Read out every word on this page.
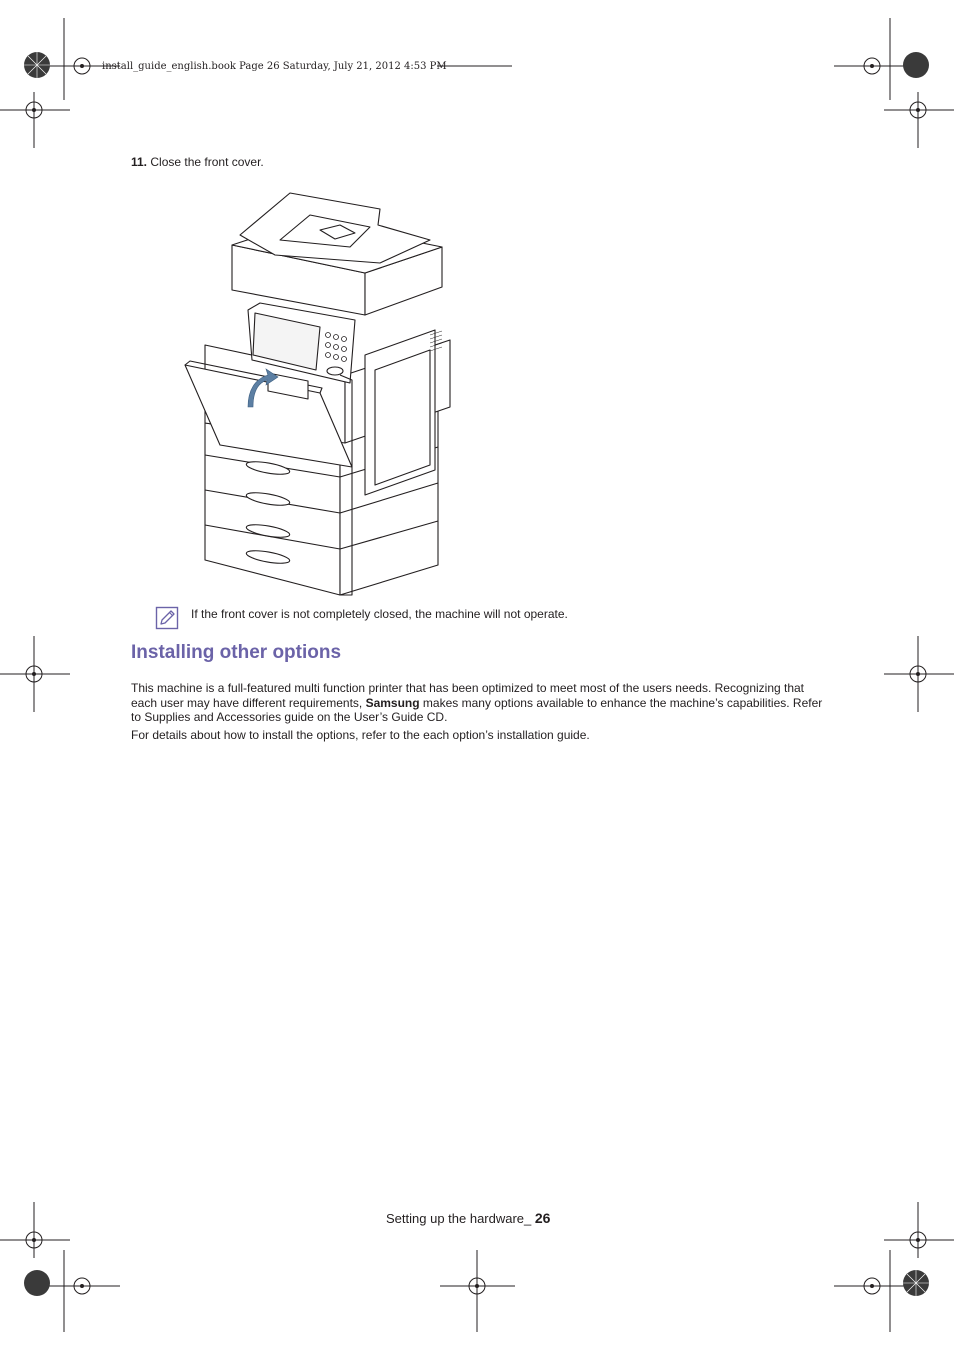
install_guide_english.book Page 26 Saturday, July 21, 2012 4:53 PM
11. Close the front cover.
If the front cover is not completely closed, the machine will not operate.
Installing other options
This machine is a full-featured multi function printer that has been optimized to meet most of the users needs. Recognizing that each user may have different requirements, Samsung makes many options available to enhance the machine’s capabilities. Refer to Supplies and Accessories guide on the User’s Guide CD.
For details about how to install the options, refer to the each option’s installation guide.
Setting up the hardware_ 26
